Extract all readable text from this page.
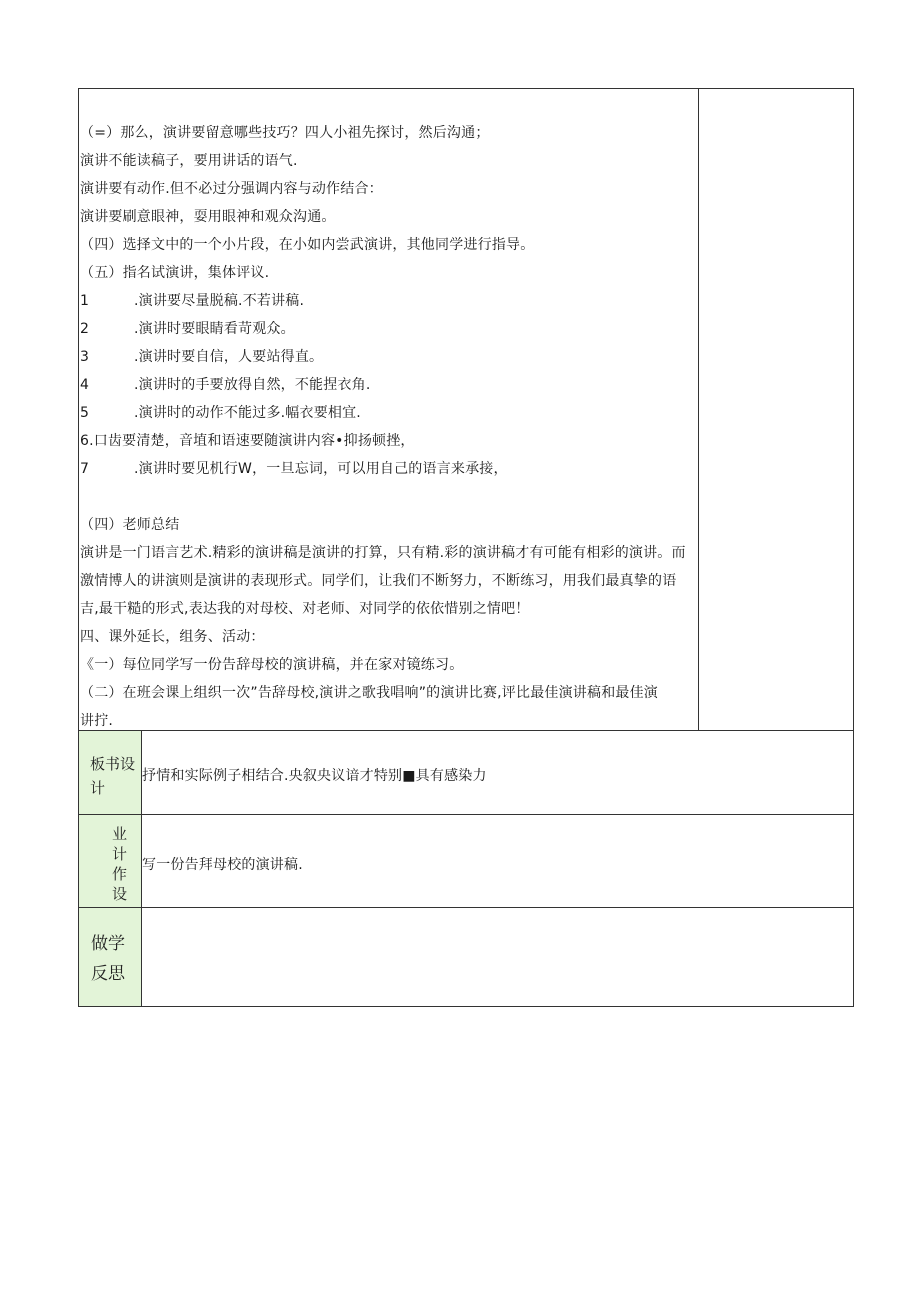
（=）那么，演讲要留意哪些技巧？四人小祖先探讨，然后沟通；
演讲不能读稿子，要用讲话的语气.
演讲要有动作.但不必过分强调内容与动作结合：
演讲要刷意眼神，耍用眼神和观众沟通。
（四）选择文中的一个小片段，在小如内尝武演讲，其他同学进行指导。
（五）指名试演讲，集体评议.
1	.演讲要尽量脱稿.不若讲稿.
2	.演讲时要眼睛看苛观众。
3	.演讲时要自信，人要站得直。
4	.演讲时的手要放得自然，不能捏衣角.
5	.演讲时的动作不能过多.幅衣要相宜.
6.口齿要清楚，音埴和语速要随演讲内容•抑扬顿挫，
7	.演讲时要见机行W，一旦忘词，可以用自己的语言来承接，
（四）老师总结
演讲是一门语言艺术.精彩的演讲稿是演讲的打算，只有精.彩的演讲稿才有可能有相彩的演讲。而
激情博人的讲演则是演讲的表现形式。同学们，让我们不断努力，不断练习，用我们最真挚的语
吉,最干糙的形式,表达我的对母校、对老师、对同学的依依惜别之情吧！
四、课外延长，组务、活动：
《一）每位同学写一份告辞母校的演讲稿，并在家对镜练习。
（二）在班会课上组织一次”告辞母校,演讲之歌我唱响”的演讲比赛,评比最佳演讲稿和最佳演
讲拧.
板书设
计
抒情和实际例子相结合.央叙央议谙才特别■具有感染力
业
计
作
设
写一份告拜母校的演讲稿.
做学
反思
